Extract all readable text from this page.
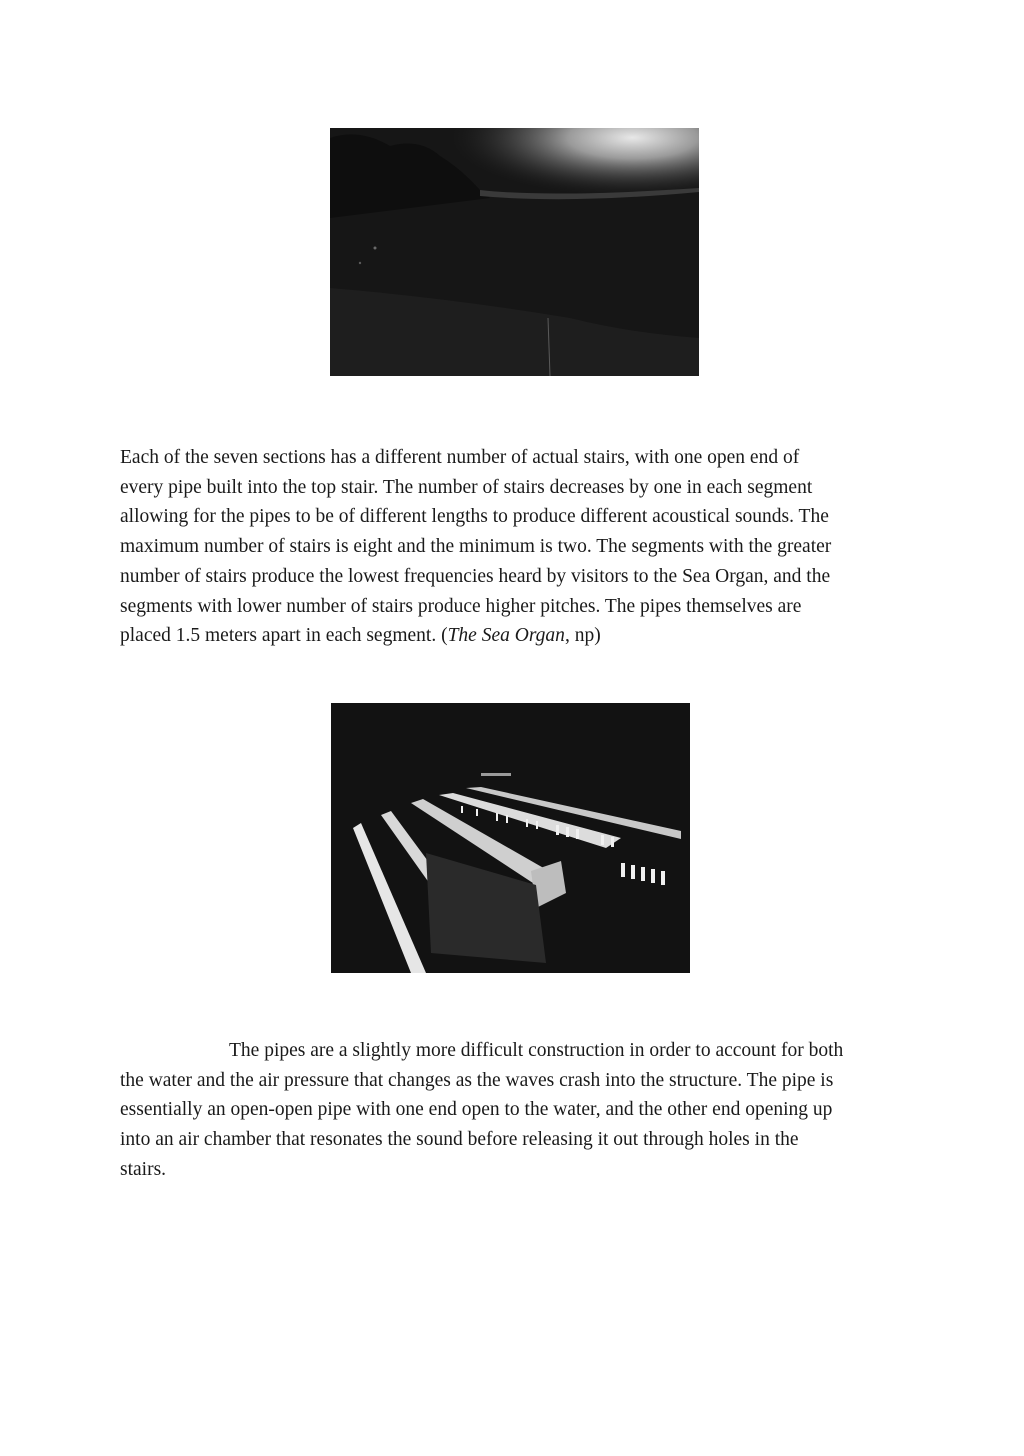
Each of the seven sections has a different number of actual stairs, with one open end of
every pipe built into the top stair. The number of stairs decreases by one in each segment
allowing for the pipes to be of different lengths to produce different acoustical sounds. The
maximum number of stairs is eight and the minimum is two. The segments with the greater
number of stairs produce the lowest frequencies heard by visitors to the Sea Organ, and the
segments with lower number of stairs produce higher pitches. The pipes themselves are
placed 1.5 meters apart in each segment. (The Sea Organ, np)

The pipes are a slightly more difficult construction in order to account for both
the water and the air pressure that changes as the waves crash into the structure. The pipe is
essentially an open-open pipe with one end open to the water, and the other end opening up
into an air chamber that resonates the sound before releasing it out through holes in the
stairs.
